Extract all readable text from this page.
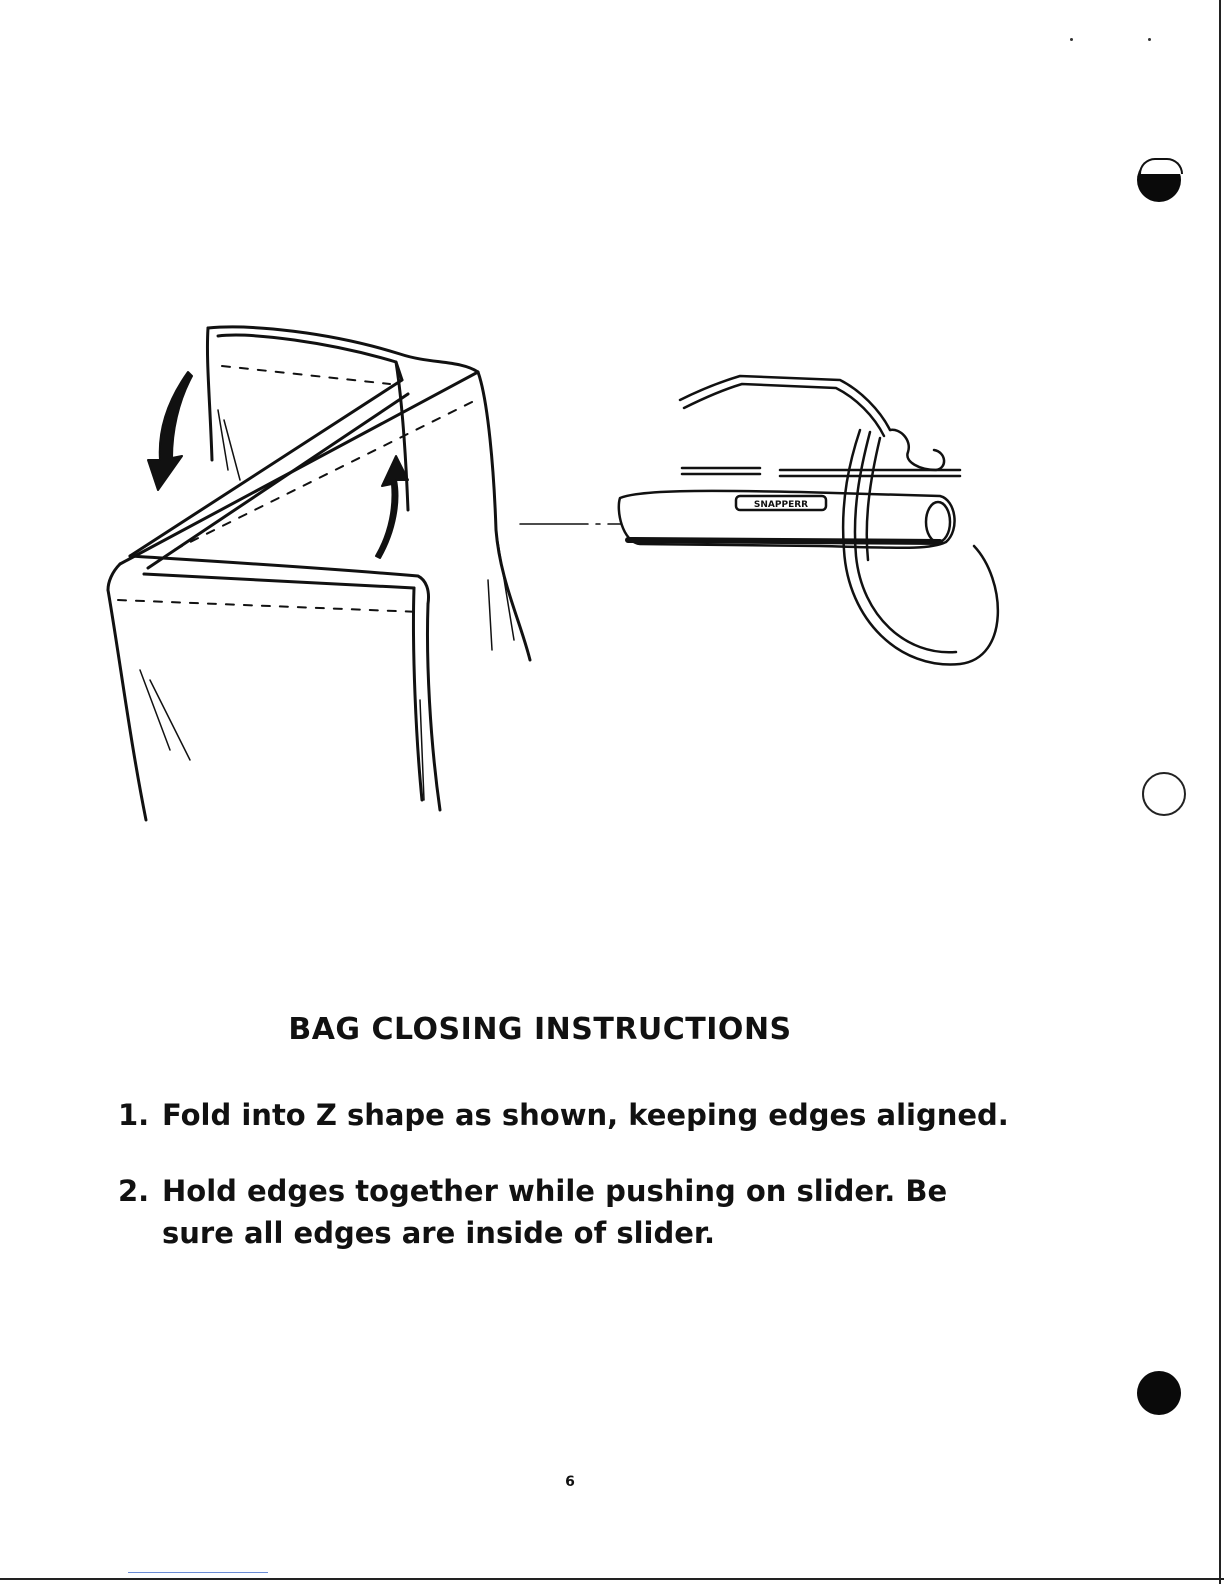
SNAPPERR
BAG CLOSING INSTRUCTIONS
1. Fold into Z shape as shown, keeping edges aligned.
2. Hold edges together while pushing on slider. Be sure all edges are inside of slider.
6
